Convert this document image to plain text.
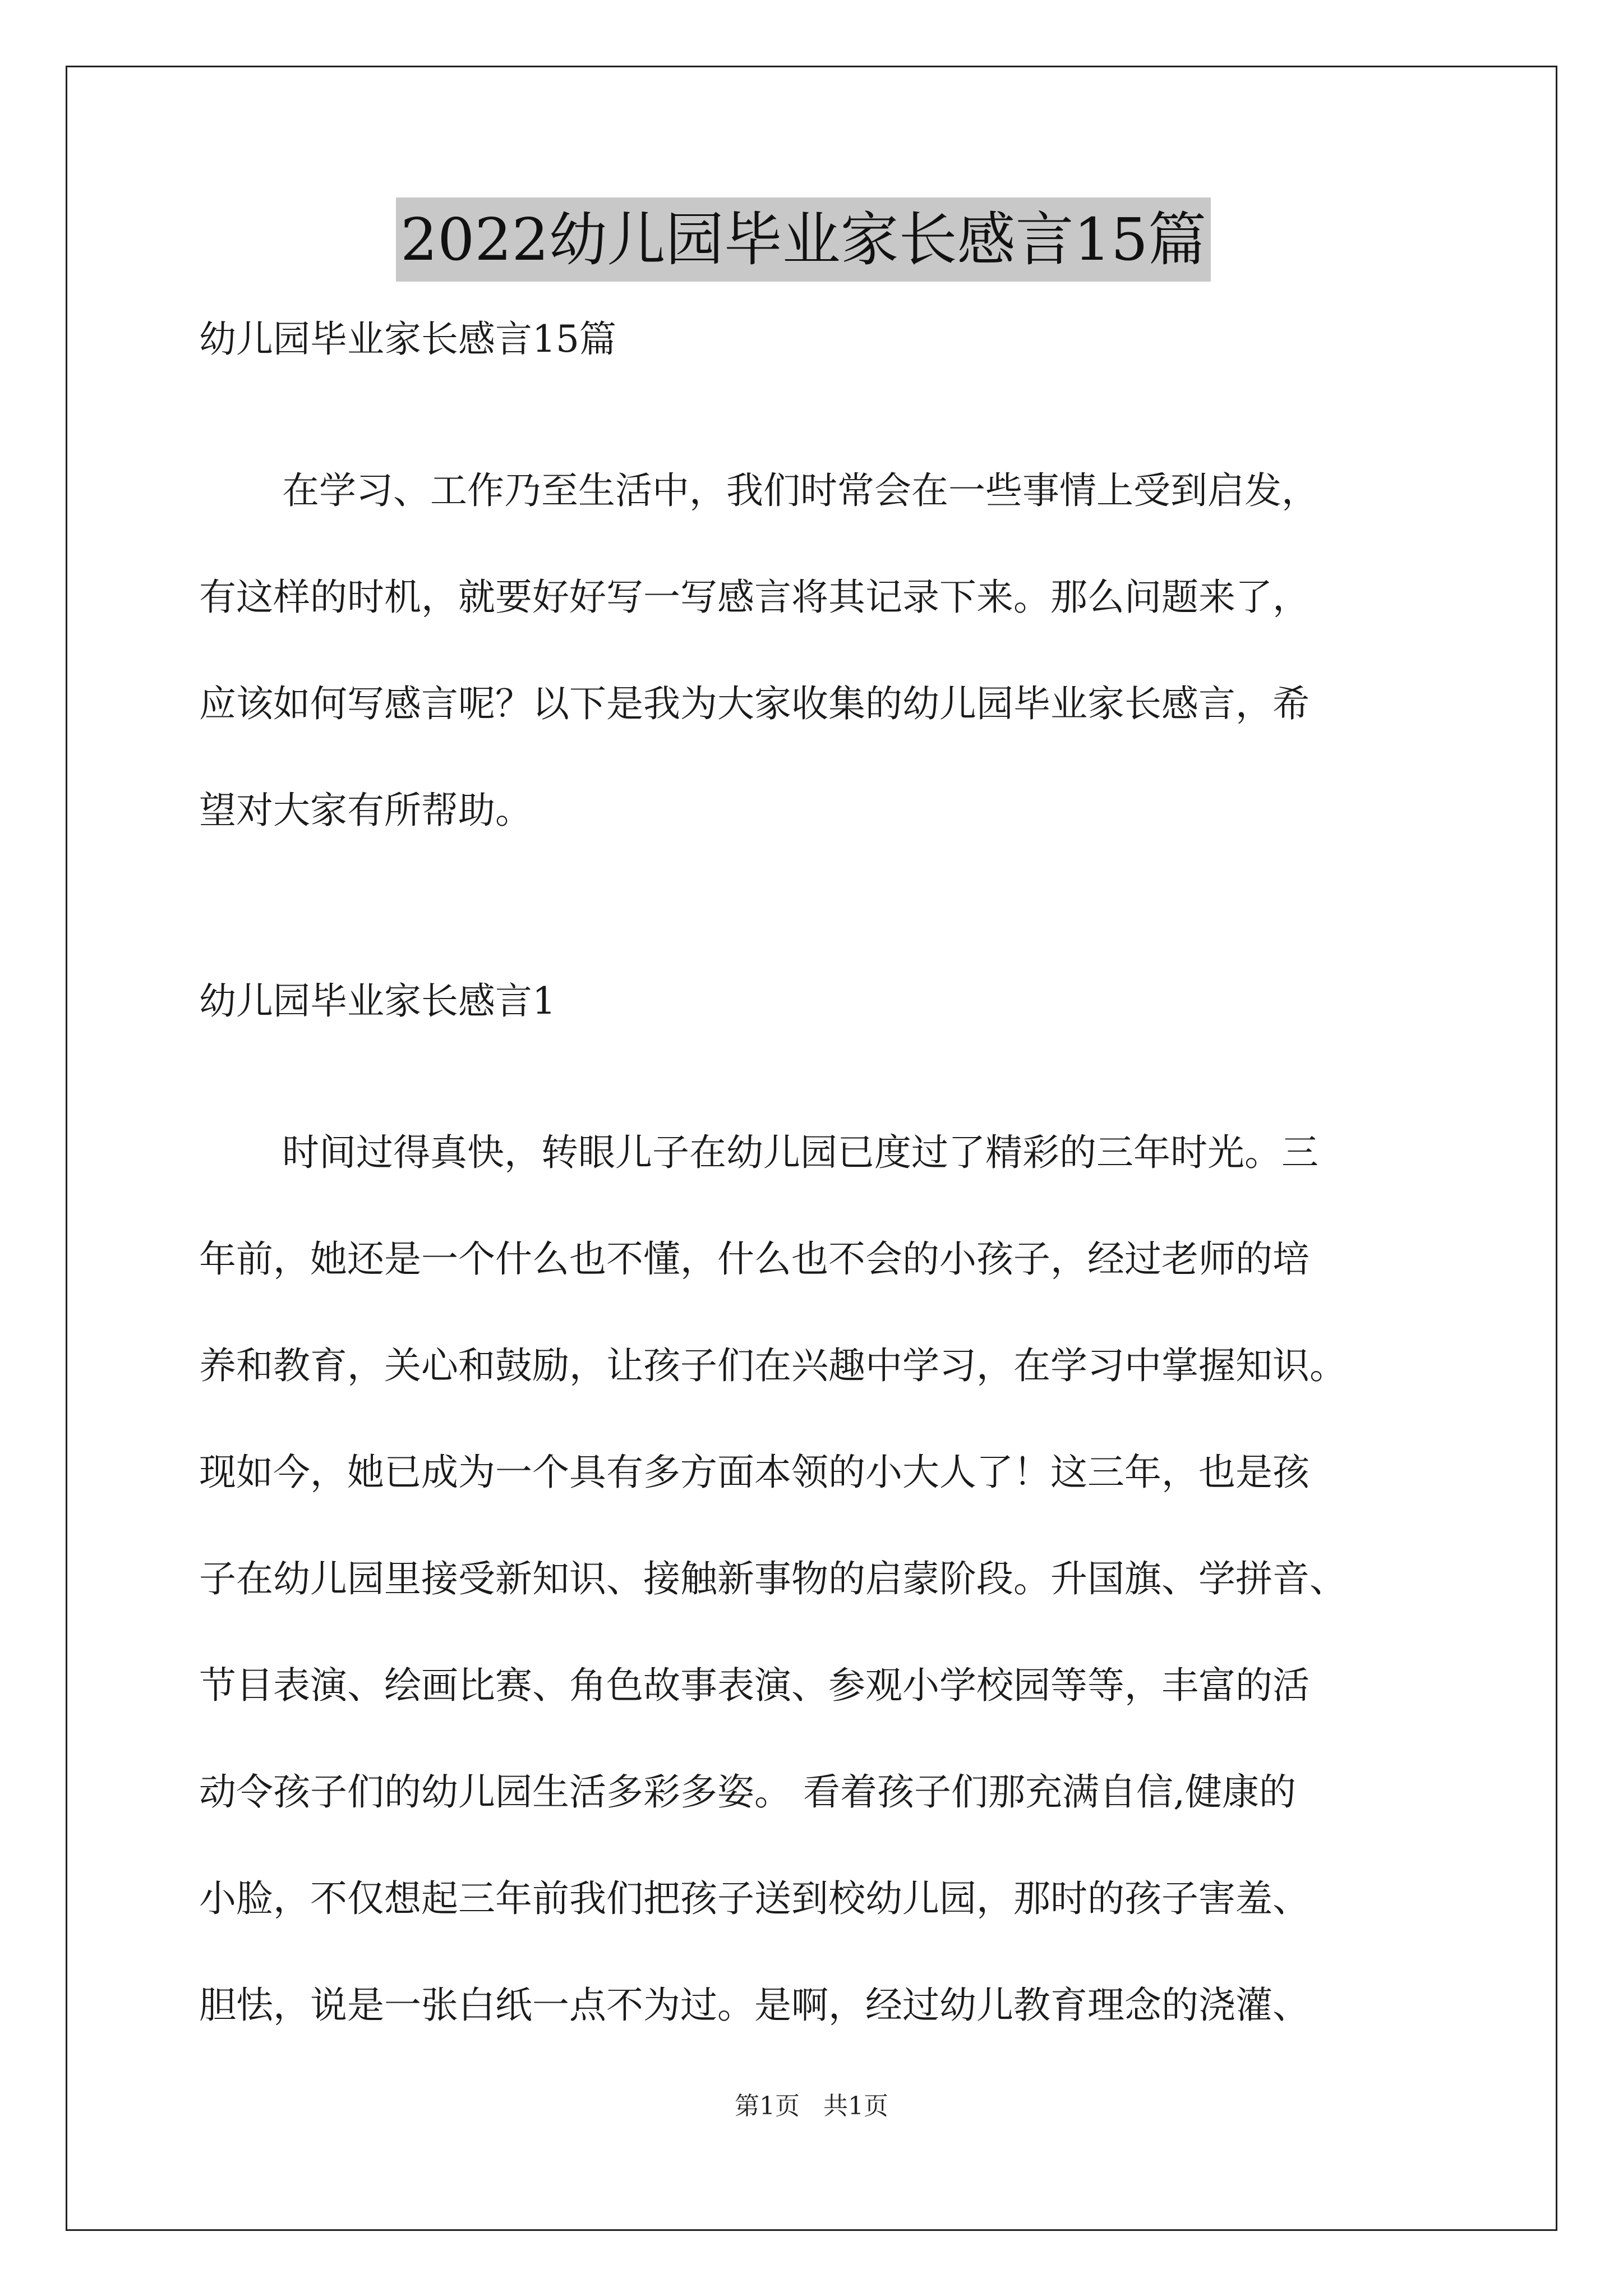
2022幼儿园毕业家长感言15篇
幼儿园毕业家长感言15篇
在学习、工作乃至生活中，我们时常会在一些事情上受到启发，
有这样的时机，就要好好写一写感言将其记录下来。那么问题来了，
应该如何写感言呢？以下是我为大家收集的幼儿园毕业家长感言，希
望对大家有所帮助。
幼儿园毕业家长感言1
时间过得真快，转眼儿子在幼儿园已度过了精彩的三年时光。三
年前，她还是一个什么也不懂，什么也不会的小孩子，经过老师的培
养和教育，关心和鼓励，让孩子们在兴趣中学习，在学习中掌握知识。
现如今，她已成为一个具有多方面本领的小大人了！这三年，也是孩
子在幼儿园里接受新知识、接触新事物的启蒙阶段。升国旗、学拼音、
节目表演、绘画比赛、角色故事表演、参观小学校园等等，丰富的活
动令孩子们的幼儿园生活多彩多姿。 看着孩子们那充满自信,健康的
小脸，不仅想起三年前我们把孩子送到校幼儿园，那时的孩子害羞、
胆怯，说是一张白纸一点不为过。是啊，经过幼儿教育理念的浇灌、
第1页   共1页
